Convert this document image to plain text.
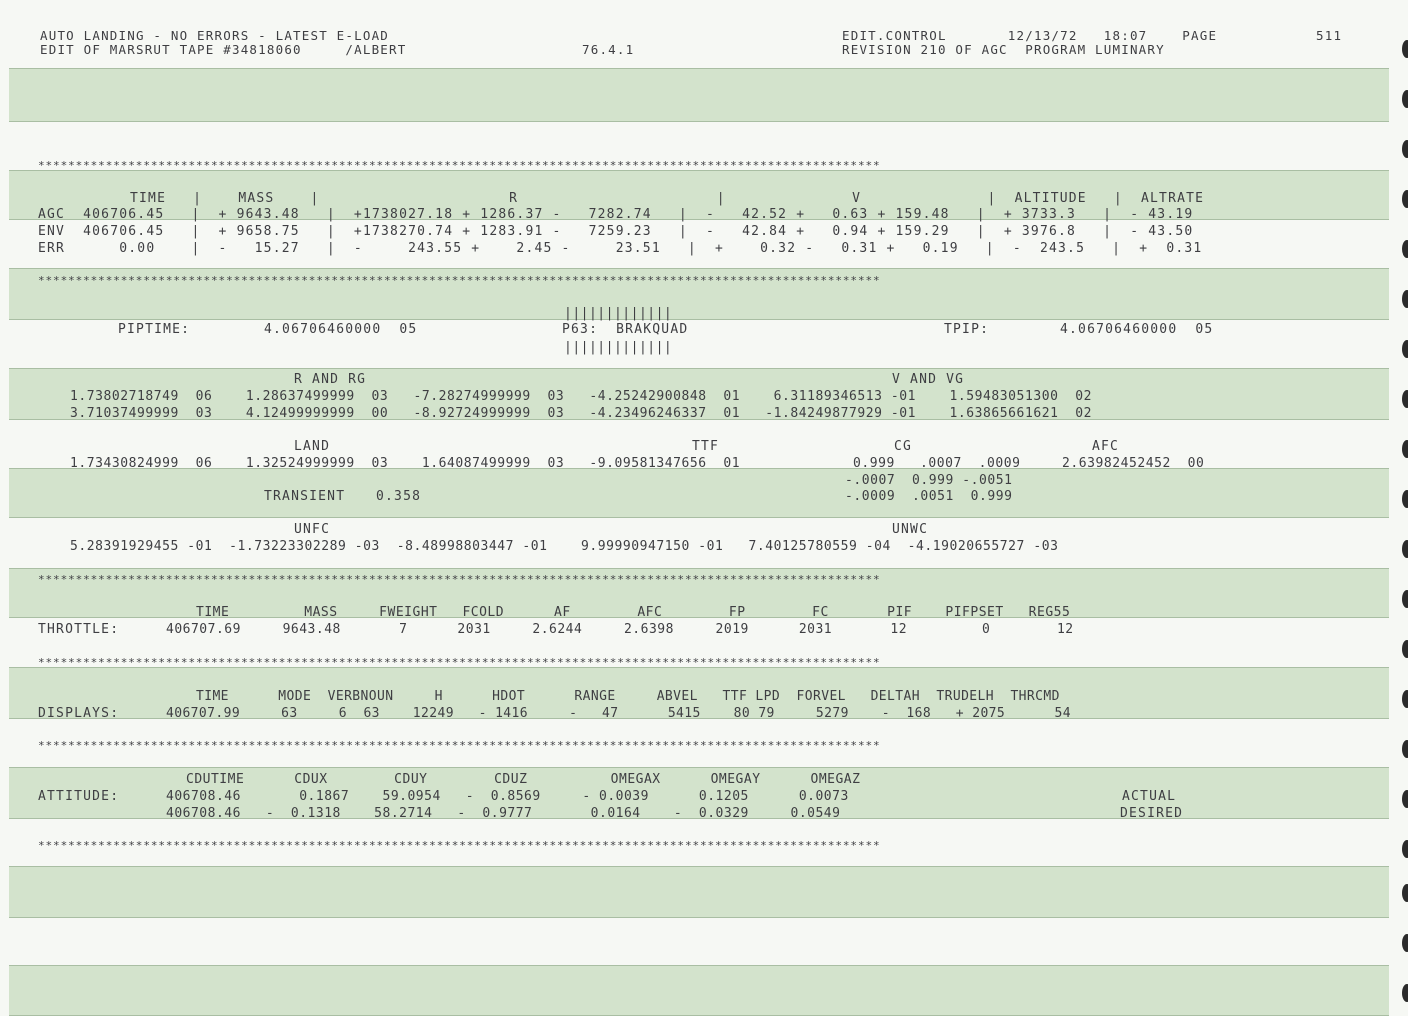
AUTO LANDING - NO ERRORS - LATEST E-LOAD
EDIT OF MARSRUT TAPE #34818060     /ALBERT	76.4.1
EDIT.CONTROL       12/13/72   18:07    PAGE	511
REVISION 210 OF AGC  PROGRAM LUMINARY
****************************************************************************************************************
TIME   |    MASS    |                     R                      |              V              |  ALTITUDE   |  ALTRATE
AGC  406706.45   |  + 9643.48   |  +1738027.18 + 1286.37 -   7282.74   |  -   42.52 +   0.63 + 159.48   |  + 3733.3   |  - 43.19
ENV  406706.45   |  + 9658.75   |  +1738270.74 + 1283.91 -   7259.23   |  -   42.84 +   0.94 + 159.29   |  + 3976.8   |  - 43.50
ERR      0.00    |  -   15.27   |  -     243.55 +    2.45 -     23.51   |  +    0.32 -   0.31 +   0.19   |  -  243.5   |  +  0.31
****************************************************************************************************************
|||||||||||||
PIPTIME:	4.06706460000  05	P63:  BRAKQUAD	TPIP:	4.06706460000  05
|||||||||||||
R AND RG	V AND VG
1.73802718749  06    1.28637499999  03   -7.28274999999  03   -4.25242900848  01    6.31189346513 -01    1.59483051300  02
3.71037499999  03    4.12499999999  00   -8.92724999999  03   -4.23496246337  01   -1.84249877929 -01    1.63865661621  02
LAND	TTF	CG	AFC
1.73430824999  06    1.32524999999  03    1.64087499999  03   -9.09581347656  01	0.999   .0007  .0009	2.63982452452  00
-.0007  0.999 -.0051
TRANSIENT 0.358	-.0009  .0051  0.999
UNFC	UNWC
5.28391929455 -01  -1.73223302289 -03  -8.48998803447 -01    9.99990947150 -01   7.40125780559 -04  -4.19020655727 -03
****************************************************************************************************************
TIME         MASS     FWEIGHT   FCOLD      AF        AFC        FP        FC       PIF    PIFPSET   REG55
THROTTLE:	406707.69     9643.48       7      2031     2.6244     2.6398     2019      2031       12         0        12
****************************************************************************************************************
TIME      MODE  VERBNOUN     H      HDOT      RANGE     ABVEL   TTF LPD  FORVEL   DELTAH  TRUDELH  THRCMD
DISPLAYS:	406707.99     63     6  63    12249   - 1416     -   47      5415    80 79     5279    -  168   + 2075      54
****************************************************************************************************************
CDUTIME      CDUX        CDUY        CDUZ          OMEGAX      OMEGAY      OMEGAZ
ATTITUDE:	406708.46       0.1867    59.0954   -  0.8569     - 0.0039      0.1205      0.0073	ACTUAL
406708.46   -  0.1318    58.2714   -  0.9777       0.0164    -  0.0329     0.0549	DESIRED
****************************************************************************************************************
